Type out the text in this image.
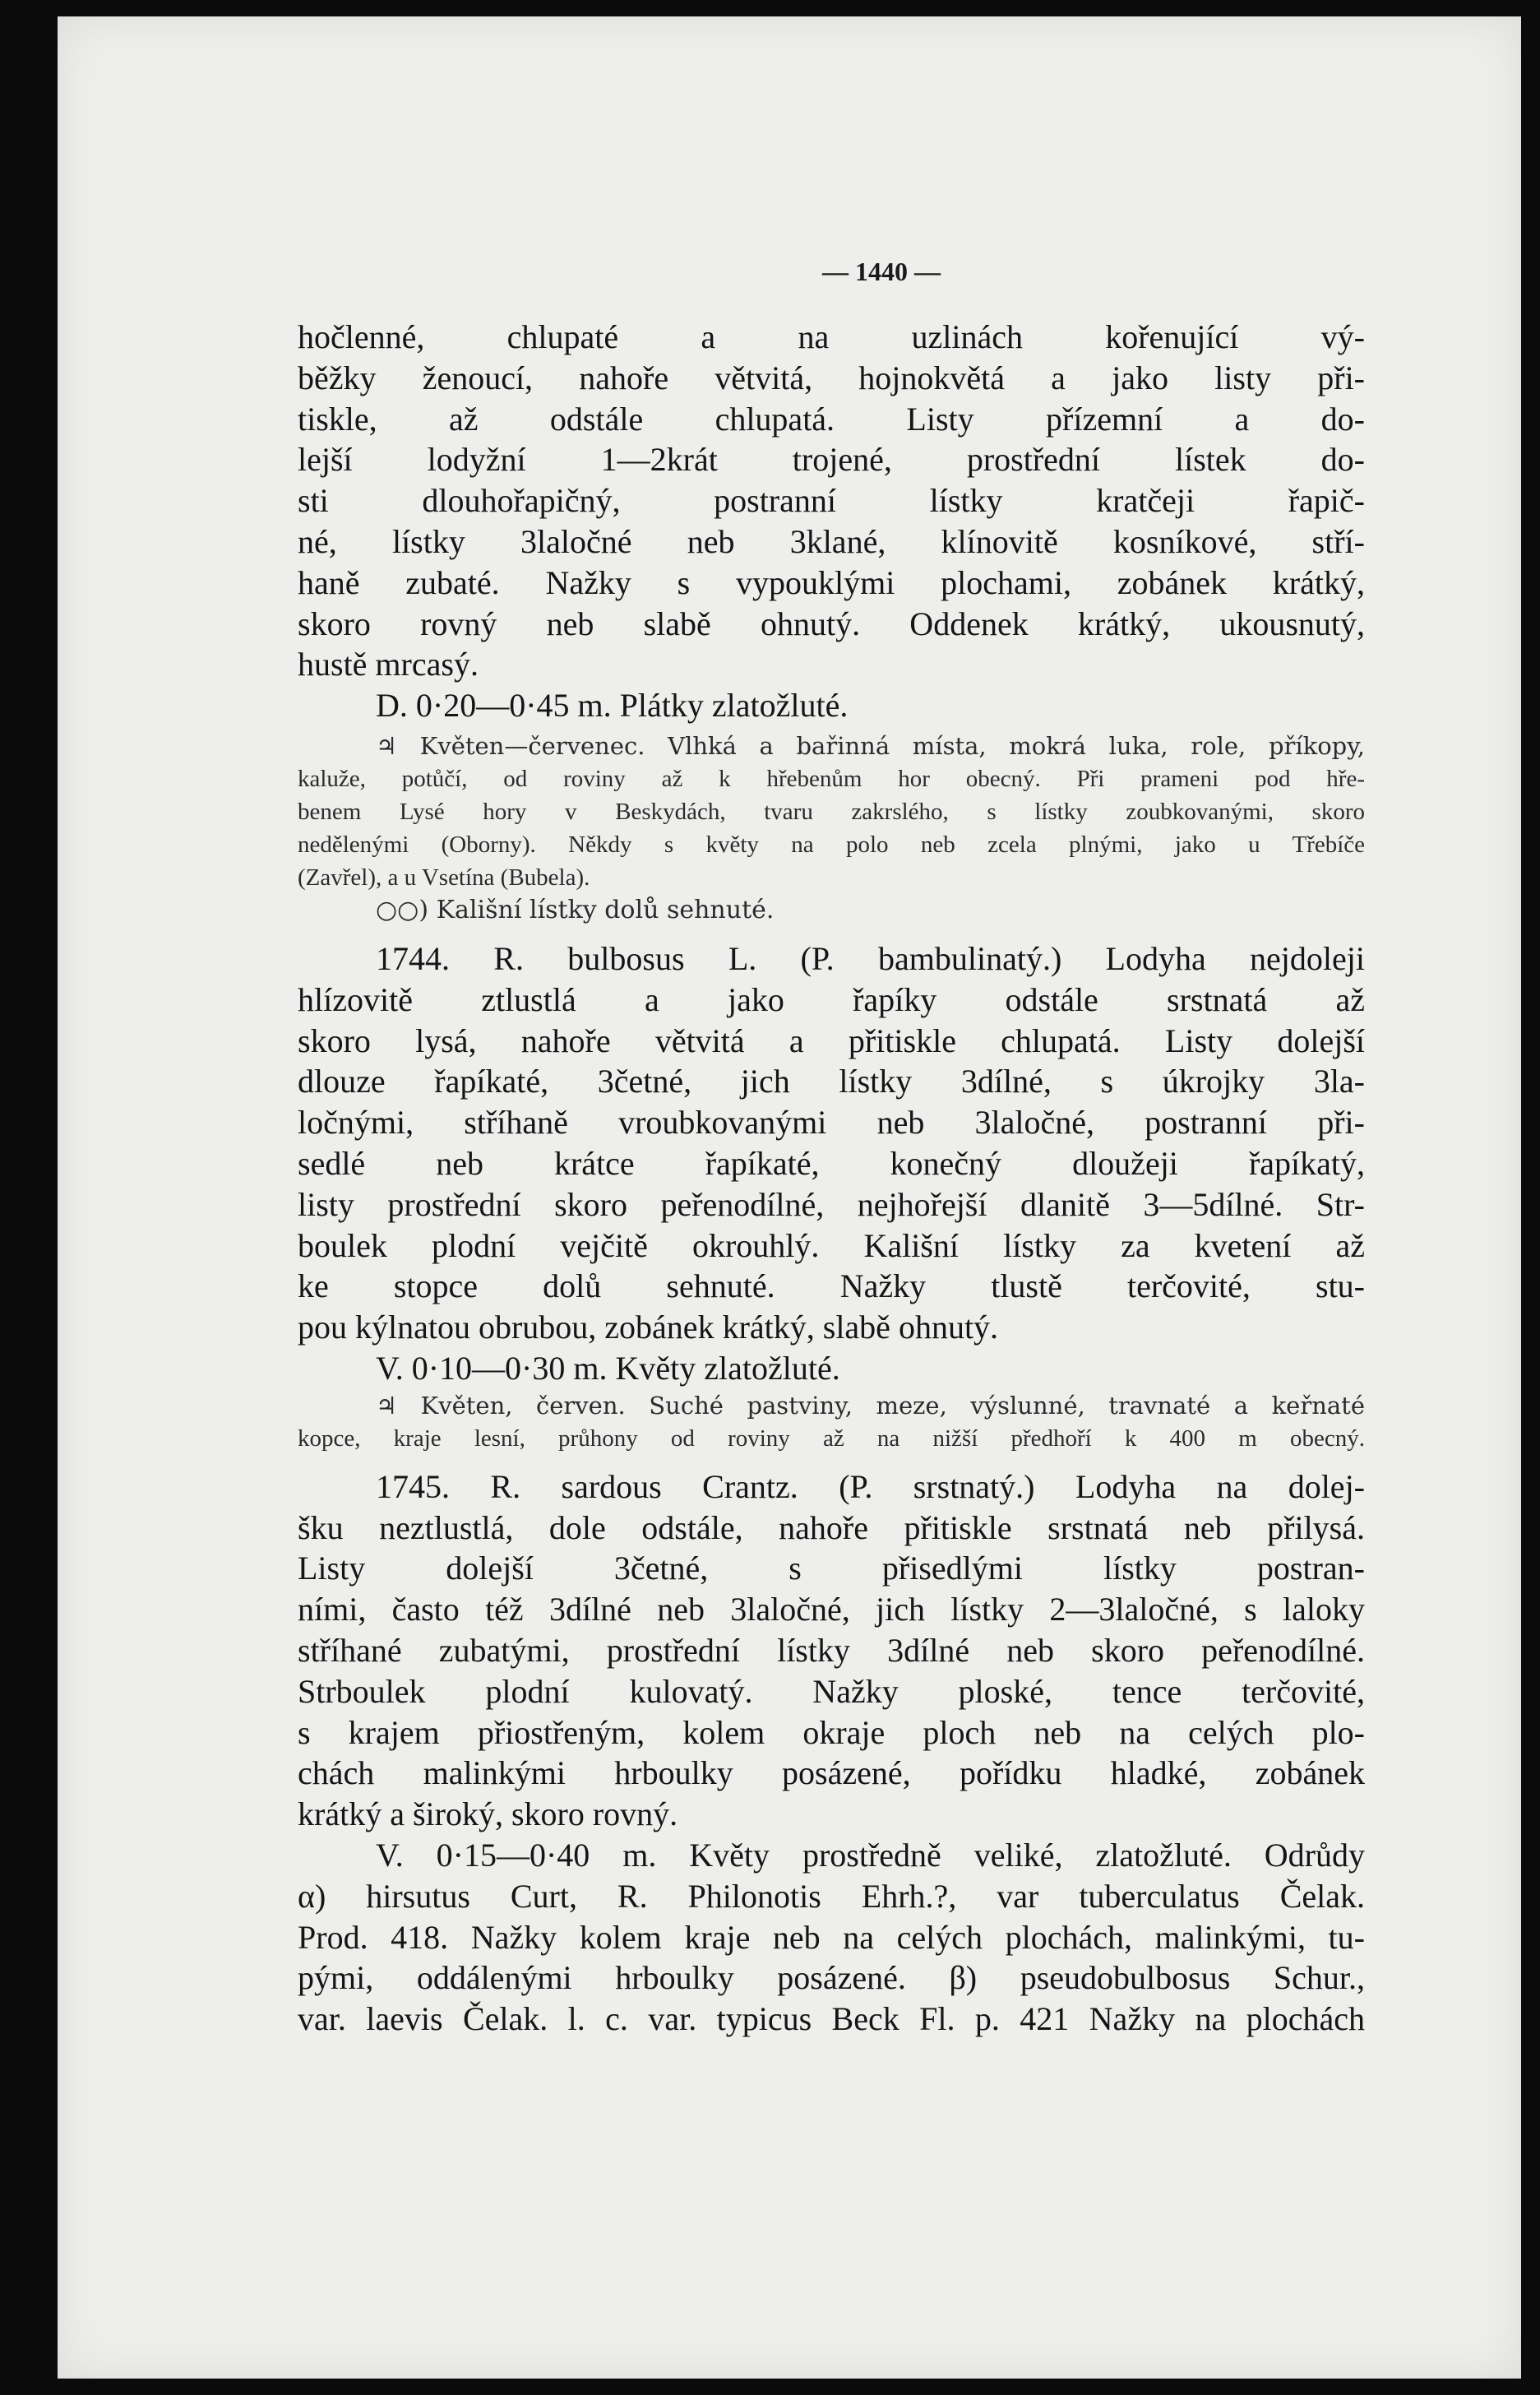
— 1440 —
hočlenné, chlupaté a na uzlinách kořenující vý-
běžky ženoucí, nahoře větvitá, hojnokvětá a jako listy při-
tiskle, až odstále chlupatá. Listy přízemní a do-
lejší lodyžní 1—2krát trojené, prostřední lístek do-
sti dlouhořapičný, postranní lístky kratčeji řapič-
né, lístky 3laločné neb 3klané, klínovitě kosníkové, stří-
haně zubaté. Nažky s vypouklými plochami, zobánek krátký,
skoro rovný neb slabě ohnutý. Oddenek krátký, ukousnutý,
hustě mrcasý.
D. 0·20—0·45 m. Plátky zlatožluté.
♃ Květen—červenec. Vlhká a bařinná místa, mokrá luka, role, příkopy,
kaluže, potůčí, od roviny až k hřebenům hor obecný. Při prameni pod hře-
benem Lysé hory v Beskydách, tvaru zakrslého, s lístky zoubkovanými, skoro
nedělenými (Oborny). Někdy s květy na polo neb zcela plnými, jako u Třebíče
(Zavřel), a u Vsetína (Bubela).
○○) Kališní lístky dolů sehnuté.
1744. R. bulbosus L. (P. bambulinatý.) Lodyha nejdoleji
hlízovitě ztlustlá a jako řapíky odstále srstnatá až
skoro lysá, nahoře větvitá a přitiskle chlupatá. Listy dolejší
dlouze řapíkaté, 3četné, jich lístky 3dílné, s úkrojky 3la-
ločnými, stříhaně vroubkovanými neb 3laločné, postranní při-
sedlé neb krátce řapíkaté, konečný dloužeji řapíkatý,
listy prostřední skoro peřenodílné, nejhořejší dlanitě 3—5dílné. Str-
boulek plodní vejčitě okrouhlý. Kališní lístky za kvetení až
ke stopce dolů sehnuté. Nažky tlustě terčovité, stu-
pou kýlnatou obrubou, zobánek krátký, slabě ohnutý.
V. 0·10—0·30 m. Květy zlatožluté.
♃ Květen, červen. Suché pastviny, meze, výslunné, travnaté a keřnaté
kopce, kraje lesní, průhony od roviny až na nižší předhoří k 400 m obecný.
1745. R. sardous Crantz. (P. srstnatý.) Lodyha na dolej-
šku neztlustlá, dole odstále, nahoře přitiskle srstnatá neb přilysá.
Listy dolejší 3četné, s přisedlými lístky postran-
ními, často též 3dílné neb 3laločné, jich lístky 2—3laločné, s laloky
stříhané zubatými, prostřední lístky 3dílné neb skoro peřenodílné.
Strboulek plodní kulovatý. Nažky ploské, tence terčovité,
s krajem přiostřeným, kolem okraje ploch neb na celých plo-
chách malinkými hrboulky posázené, pořídku hladké, zobánek
krátký a široký, skoro rovný.
V. 0·15—0·40 m. Květy prostředně veliké, zlatožluté. Odrůdy
α) hirsutus Curt, R. Philonotis Ehrh.?, var tuberculatus Čelak.
Prod. 418. Nažky kolem kraje neb na celých plochách, malinkými, tu-
pými, oddálenými hrboulky posázené. β) pseudobulbosus Schur.,
var. laevis Čelak. l. c. var. typicus Beck Fl. p. 421 Nažky na plochách
